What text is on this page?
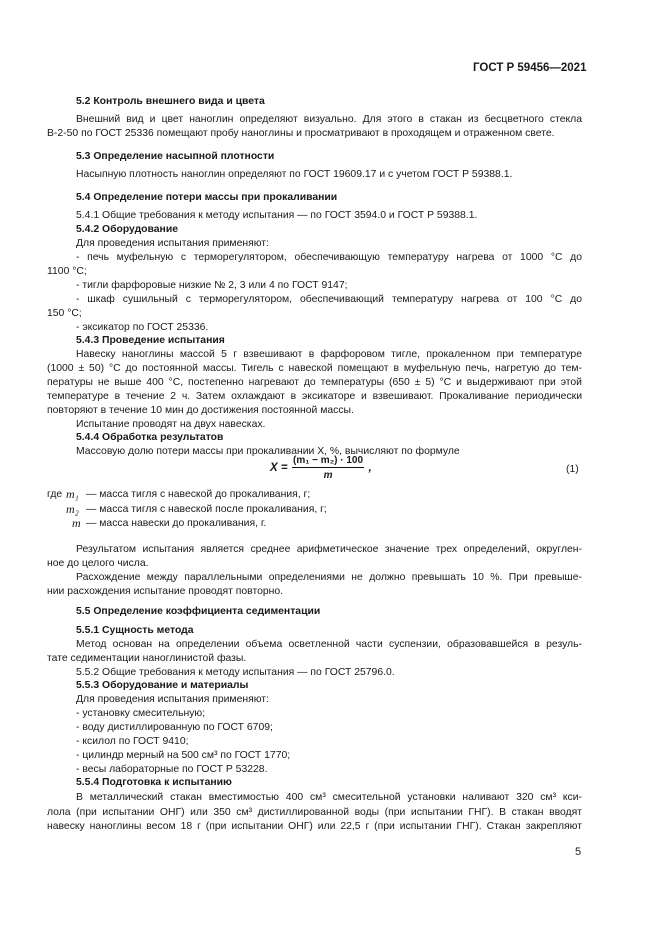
ГОСТ Р 59456—2021
5.2 Контроль внешнего вида и цвета
Внешний вид и цвет наноглин определяют визуально. Для этого в стакан из бесцветного стекла
В-2-50 по ГОСТ 25336 помещают пробу наноглины и просматривают в проходящем и отраженном свете.
5.3 Определение насыпной плотности
Насыпную плотность наноглин определяют по ГОСТ 19609.17 и с учетом ГОСТ Р 59388.1.
5.4 Определение потери массы при прокаливании
5.4.1 Общие требования к методу испытания — по ГОСТ 3594.0 и ГОСТ Р 59388.1.
5.4.2 Оборудование
Для проведения испытания применяют:
- печь муфельную с терморегулятором, обеспечивающую температуру нагрева от 1000 °C до
1100 °C;
- тигли фарфоровые низкие № 2, 3 или 4 по ГОСТ 9147;
- шкаф сушильный с терморегулятором, обеспечивающий температуру нагрева от 100 °C до
150 °C;
- эксикатор по ГОСТ 25336.
5.4.3 Проведение испытания
Навеску наноглины массой 5 г взвешивают в фарфоровом тигле, прокаленном при температуре
(1000 ± 50) °C до постоянной массы. Тигель с навеской помещают в муфельную печь, нагретую до тем-
пературы не выше 400 °C, постепенно нагревают до температуры (650 ± 5) °C и выдерживают при этой
температуре в течение 2 ч. Затем охлаждают в эксикаторе и взвешивают. Прокаливание периодически
повторяют в течение 10 мин до достижения постоянной массы.
Испытание проводят на двух навесках.
5.4.4 Обработка результатов
Массовую долю потери массы при прокаливании X, %, вычисляют по формуле
$X = \frac{\text{(m₁ − m₂) · 100}}{m}$ ,	(1)
где m₁ — масса тигля с навеской до прокаливания, г;
m₂ — масса тигля с навеской после прокаливания, г;
m — масса навески до прокаливания, г.
Результатом испытания является среднее арифметическое значение трех определений, округлен-
ное до целого числа.
Расхождение между параллельными определениями не должно превышать 10 %. При превыше-
нии расхождения испытание проводят повторно.
5.5 Определение коэффициента седиментации
5.5.1 Сущность метода
Метод основан на определении объема осветленной части суспензии, образовавшейся в резуль-
тате седиментации наноглинистой фазы.
5.5.2 Общие требования к методу испытания — по ГОСТ 25796.0.
5.5.3 Оборудование и материалы
Для проведения испытания применяют:
- установку смесительную;
- воду дистиллированную по ГОСТ 6709;
- ксилол по ГОСТ 9410;
- цилиндр мерный на 500 см³ по ГОСТ 1770;
- весы лабораторные по ГОСТ Р 53228.
5.5.4 Подготовка к испытанию
В металлический стакан вместимостью 400 см³ смесительной установки наливают 320 см³ кси-
лола (при испытании ОНГ) или 350 см³ дистиллированной воды (при испытании ГНГ). В стакан вводят
навеску наноглины весом 18 г (при испытании ОНГ) или 22,5 г (при испытании ГНГ). Стакан закрепляют
5
